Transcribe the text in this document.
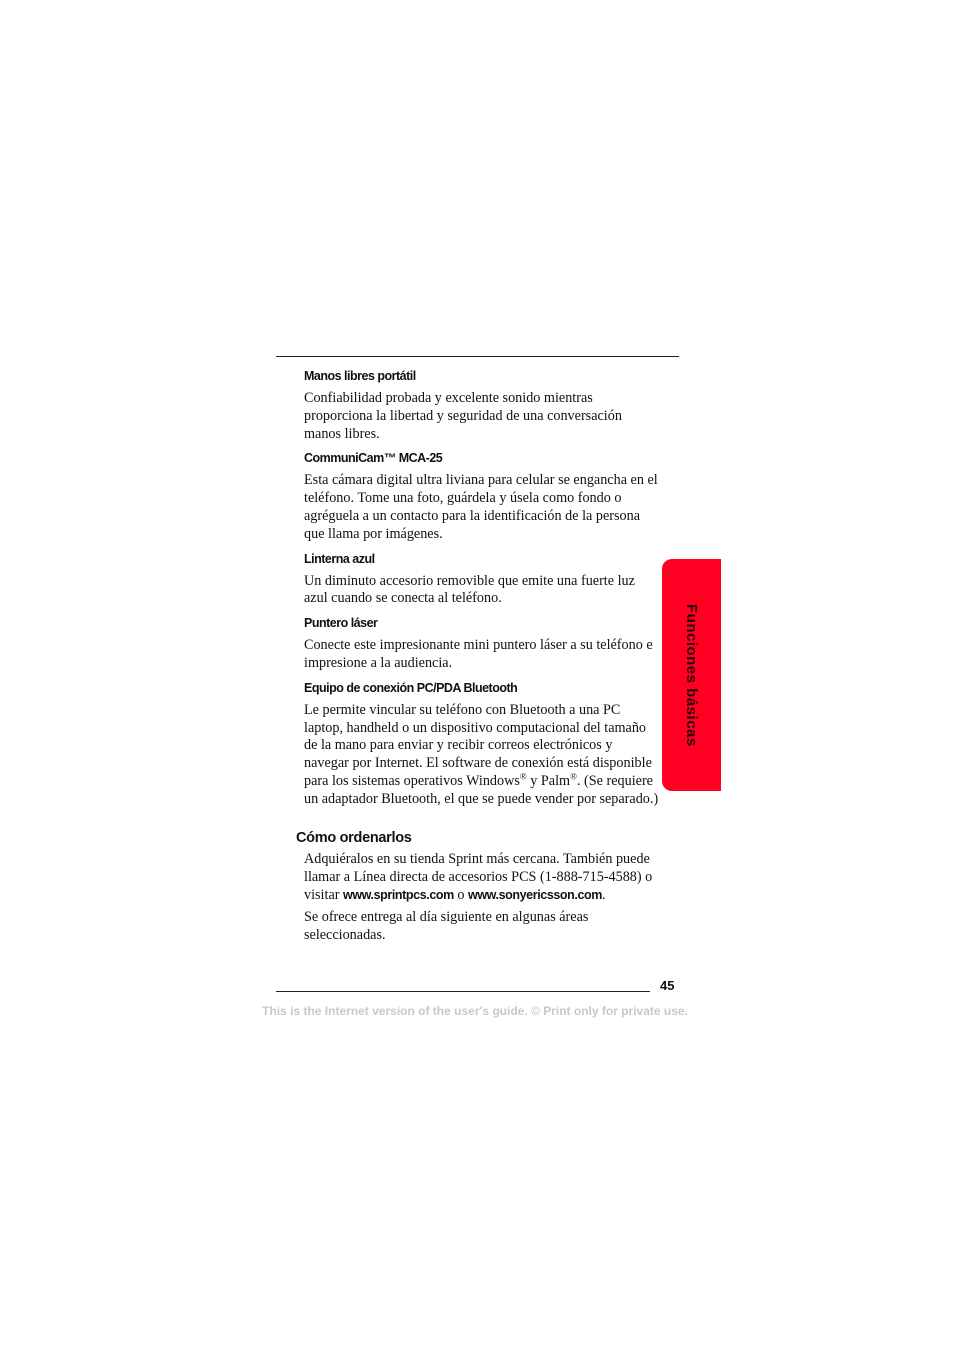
Manos libres portátil

Confiabilidad probada y excelente sonido mientras proporciona la libertad y seguridad de una conversación manos libres.

CommuniCam™ MCA-25

Esta cámara digital ultra liviana para celular se engancha en el teléfono. Tome una foto, guárdela y úsela como fondo o agréguela a un contacto para la identificación de la persona que llama por imágenes.

Linterna azul

Un diminuto accesorio removible que emite una fuerte luz azul cuando se conecta al teléfono.

Puntero láser

Conecte este impresionante mini puntero láser a su teléfono e impresione a la audiencia.

Equipo de conexión PC/PDA Bluetooth

Le permite vincular su teléfono con Bluetooth a una PC laptop, handheld o un dispositivo computacional del tamaño de la mano para enviar y recibir correos electrónicos y navegar por Internet. El software de conexión está disponible para los sistemas operativos Windows® y Palm®. (Se requiere un adaptador Bluetooth, el que se puede vender por separado.)

Cómo ordenarlos

Adquiéralos en su tienda Sprint más cercana. También puede llamar a Línea directa de accesorios PCS (1-888-715-4588) o visitar www.sprintpcs.com o www.sonyericsson.com.

Se ofrece entrega al día siguiente en algunas áreas seleccionadas.

Funciones básicas
45
This is the Internet version of the user's guide. © Print only for private use.
